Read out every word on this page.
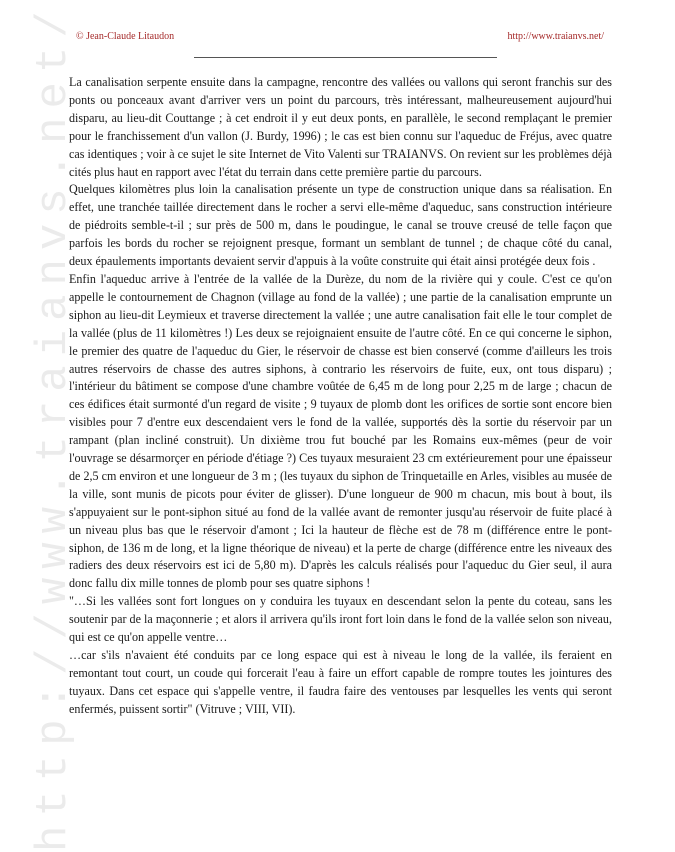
http://www.traianvs.net/
© Jean-Claude Litaudon	http://www.traianvs.net/

La canalisation serpente ensuite dans la campagne, rencontre des vallées ou vallons qui seront franchis sur des ponts ou ponceaux avant d'arriver vers un point du parcours, très intéressant, malheureusement aujourd'hui disparu, au lieu-dit Couttange ; à cet endroit il y eut deux ponts, en parallèle, le second remplaçant le premier pour le franchissement d'un vallon (J. Burdy, 1996) ; le cas est bien connu sur l'aqueduc de Fréjus, avec quatre cas identiques ; voir à ce sujet le site Internet de Vito Valenti sur TRAIANVS. On revient sur les problèmes déjà cités plus haut en rapport avec l'état du terrain dans cette première partie du parcours.

Quelques kilomètres plus loin la canalisation présente un type de construction unique dans sa réalisation. En effet, une tranchée taillée directement dans le rocher a servi elle-même d'aqueduc, sans construction intérieure de piédroits semble-t-il ; sur près de 500 m, dans le poudingue, le canal se trouve creusé de telle façon que parfois les bords du rocher se rejoignent presque, formant un semblant de tunnel ; de chaque côté du canal, deux épaulements importants devaient servir d'appuis à la voûte construite qui était ainsi protégée deux fois .

Enfin l'aqueduc arrive à l'entrée de la vallée de la Durèze, du nom de la rivière qui y coule. C'est ce qu'on appelle le contournement de Chagnon (village au fond de la vallée) ; une partie de la canalisation emprunte un siphon au lieu-dit Leymieux et traverse directement la vallée ; une autre canalisation fait elle le tour complet de la vallée (plus de 11 kilomètres !) Les deux se rejoignaient ensuite de l'autre côté. En ce qui concerne le siphon, le premier des quatre de l'aqueduc du Gier, le réservoir de chasse est bien conservé (comme d'ailleurs les trois autres réservoirs de chasse des autres siphons, à contrario les réservoirs de fuite, eux, ont tous disparu) ; l'intérieur du bâtiment se compose d'une chambre voûtée de 6,45 m de long pour 2,25 m de large ; chacun de ces édifices était surmonté d'un regard de visite ; 9 tuyaux de plomb dont les orifices de sortie sont encore bien visibles pour 7 d'entre eux descendaient vers le fond de la vallée, supportés dès la sortie du réservoir par un rampant (plan incliné construit). Un dixième trou fut bouché par les Romains eux-mêmes (peur de voir l'ouvrage se désarmorçer en période d'étiage ?) Ces tuyaux mesuraient 23 cm extérieurement pour une épaisseur de 2,5 cm environ et une longueur de 3 m ; (les tuyaux du siphon de Trinquetaille en Arles, visibles au musée de la ville, sont munis de picots pour éviter de glisser). D'une longueur de 900 m chacun, mis bout à bout, ils s'appuyaient sur le pont-siphon situé au fond de la vallée avant de remonter jusqu'au réservoir de fuite placé à un niveau plus bas que le réservoir d'amont ; Ici la hauteur de flèche est de 78 m (différence entre le pont-siphon, de 136 m de long, et la ligne théorique de niveau) et la perte de charge (différence entre les niveaux des radiers des deux réservoirs est ici de 5,80 m). D'après les calculs réalisés pour l'aqueduc du Gier seul, il aura donc fallu dix mille tonnes de plomb pour ses quatre siphons !

"…Si les vallées sont fort longues on y conduira les tuyaux en descendant selon la pente du coteau, sans les soutenir par de la maçonnerie ; et alors il arrivera qu'ils iront fort loin dans le fond de la vallée selon son niveau, qui est ce qu'on appelle ventre…

…car s'ils n'avaient été conduits par ce long espace qui est à niveau le long de la vallée, ils feraient en remontant tout court, un coude qui forcerait l'eau à faire un effort capable de rompre toutes les jointures des tuyaux. Dans cet espace qui s'appelle ventre, il faudra faire des ventouses par lesquelles les vents qui seront enfermés, puissent sortir" (Vitruve ; VIII, VII).
